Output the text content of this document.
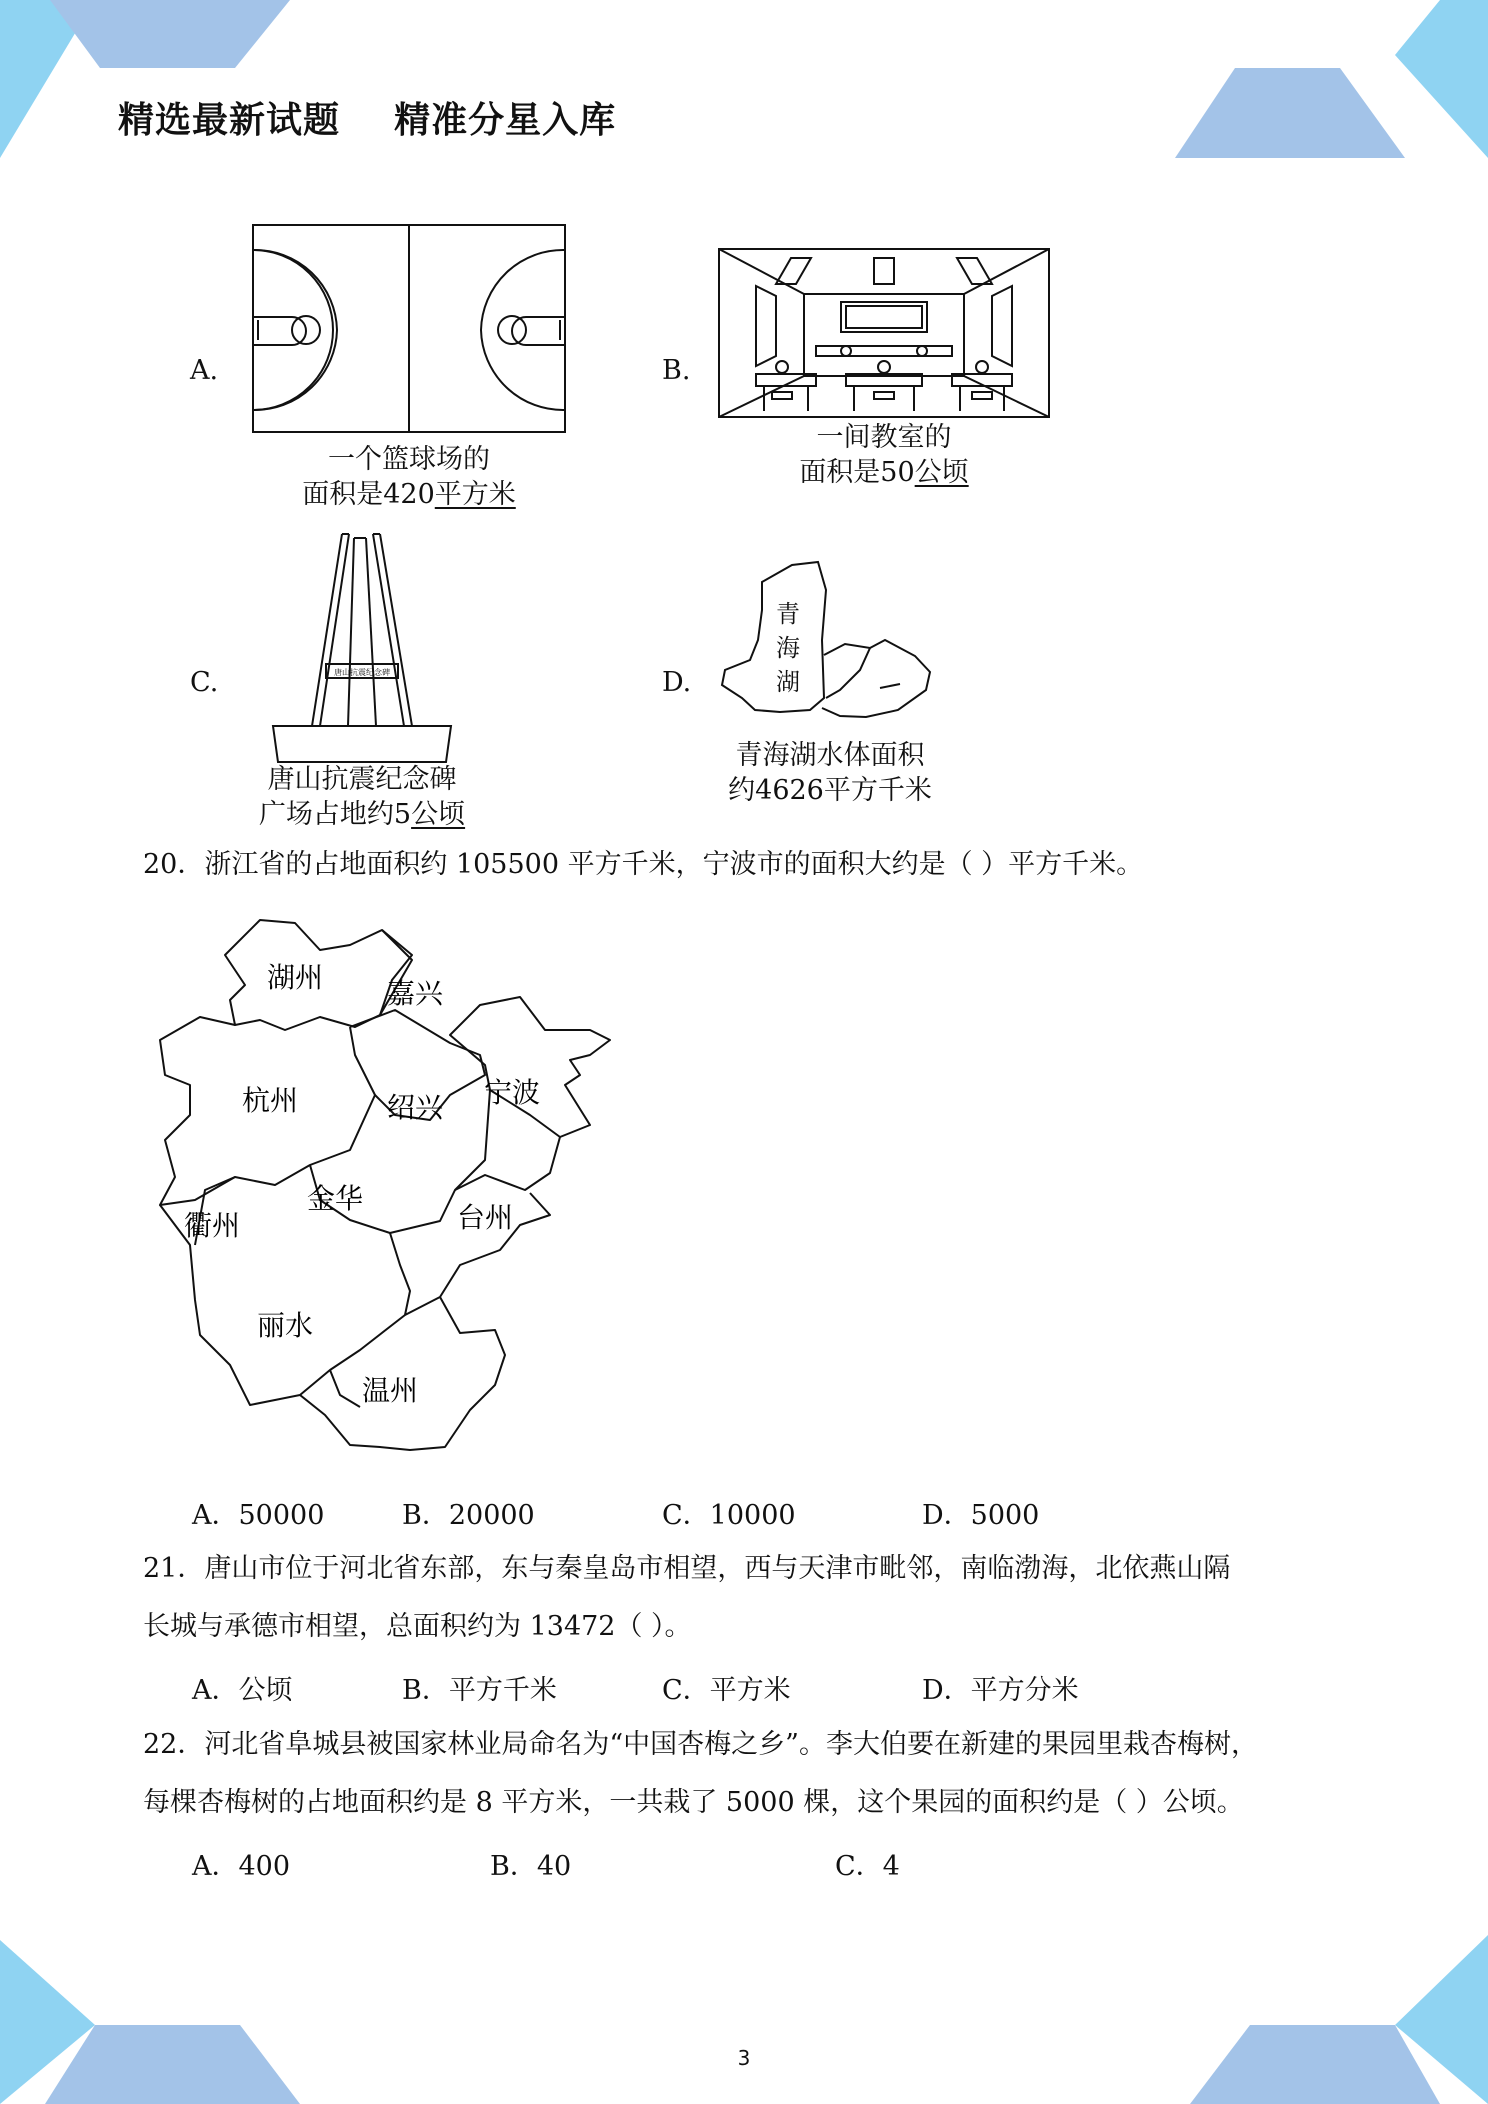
精选最新试题    精准分星入库
A.
一个篮球场的
面积是420平方米
B.
一间教室的
面积是50公顷
C.	唐山抗震纪念碑
唐山抗震纪念碑
广场占地约5公顷
D.
青
海
湖
青海湖水体面积
约4626平方千米
20．浙江省的占地面积约 105500 平方千米，宁波市的面积大约是（ ）平方千米。
湖州 嘉兴
杭州	绍兴 宁波
金华
衢州	台州
丽水
温州
A．50000	B．20000	C．10000	D．5000
21．唐山市位于河北省东部，东与秦皇岛市相望，西与天津市毗邻，南临渤海，北依燕山隔
长城与承德市相望，总面积约为 13472（ ）。
A．公顷	B．平方千米	C．平方米	D．平方分米
22．河北省阜城县被国家林业局命名为“中国杏梅之乡”。李大伯要在新建的果园里栽杏梅树，
每棵杏梅树的占地面积约是 8 平方米，一共栽了 5000 棵，这个果园的面积约是（ ）公顷。
A．400	B．40	C．4
3
